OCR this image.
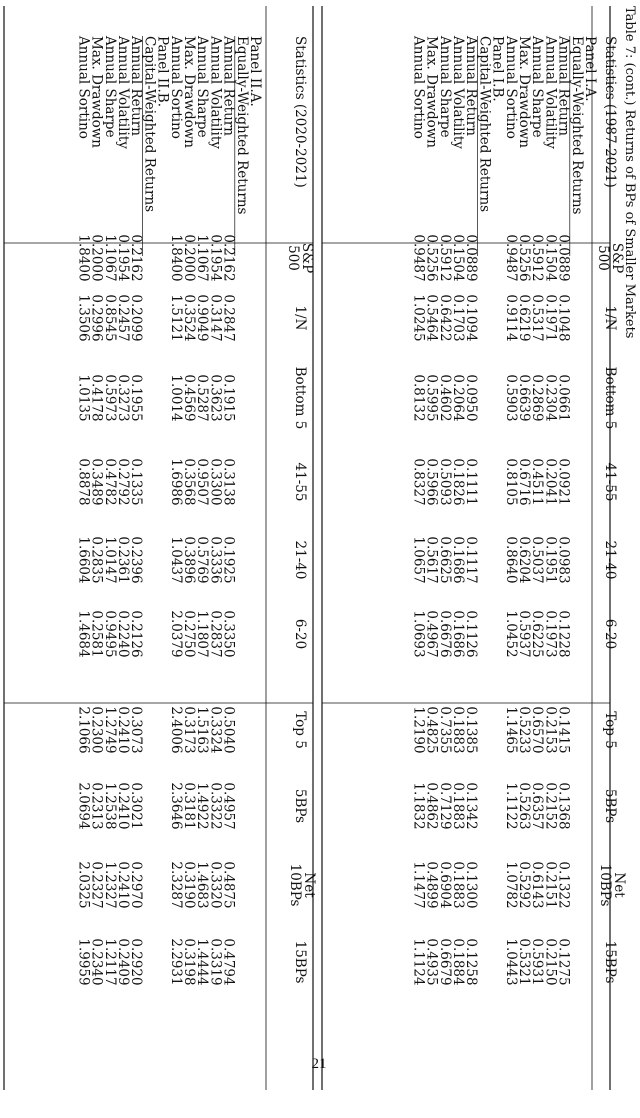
Table 7: (cont.) Returns of BPs of Smaller Markets
Statistics (1987-2021)
S&P
500
1/N
Bottom 5
41-55
21-40
6-20
Top 5
5BPs
10BPs
15BPs
Net
Panel I.A.
Equally-Weighted Returns
Annual Return
0.0889
0.1048
0.0661
0.0921
0.0983
0.1228
0.1415
0.1368
0.1322
0.1275
Annual Volatility
0.1504
0.1971
0.2304
0.2041
0.1951
0.1973
0.2153
0.2152
0.2151
0.2150
Annual Sharpe
0.5912
0.5317
0.2869
0.4511
0.5037
0.6225
0.6570
0.6357
0.6143
0.5931
Max. Drawdown
0.5256
0.6219
0.6639
0.6716
0.6204
0.5937
0.5233
0.5263
0.5292
0.5321
Annual Sortino
0.9487
0.9114
0.5903
0.8105
0.8640
1.0452
1.1465
1.1122
1.0782
1.0443
Panel I.B.
Capital-Weighted Returns
Annual Return
0.0889
0.1094
0.0950
0.1111
0.1117
0.1126
0.1385
0.1342
0.1300
0.1258
Annual Volatility
0.1504
0.1703
0.2064
0.1826
0.1686
0.1686
0.1883
0.1883
0.1883
0.1884
Annual Sharpe
0.5912
0.6422
0.4602
0.5093
0.6625
0.6676
0.7355
0.7129
0.6904
0.6679
Max. Drawdown
0.5256
0.5464
0.5995
0.5966
0.5617
0.4967
0.4825
0.4862
0.4899
0.4935
Annual Sortino
0.9487
1.0245
0.8132
0.8327
1.0657
1.0693
1.2190
1.1832
1.1477
1.1124
Statistics (2020-2021)
S&P
500
1/N
Bottom 5
41-55
21-40
6-20
Top 5
5BPs
10BPs
15BPs
Net
Panel II.A.
Equally-Weighted Returns
Annual Return
0.2162
0.2847
0.1915
0.3138
0.1925
0.3350
0.5040
0.4957
0.4875
0.4794
Annual Volatility
0.1954
0.3147
0.3623
0.3300
0.3336
0.2837
0.3324
0.3322
0.3320
0.3319
Annual Sharpe
1.1067
0.9049
0.5287
0.9507
0.5769
1.1807
1.5163
1.4922
1.4683
1.4444
Max. Drawdown
0.2000
0.3524
0.4569
0.3568
0.3896
0.2750
0.3173
0.3181
0.3190
0.3198
Annual Sortino
1.8400
1.5121
1.0014
1.6986
1.0437
2.0379
2.4006
2.3646
2.3287
2.2931
Panel II.B.
Capital-Weighted Returns
Annual Return
0.2162
0.2099
0.1955
0.1335
0.2396
0.2126
0.3073
0.3021
0.2970
0.2920
Annual Volatility
0.1954
0.2457
0.3273
0.2792
0.2361
0.2240
0.2410
0.2410
0.2410
0.2409
Annual Sharpe
1.1067
0.8545
0.5973
0.4782
1.0147
0.9495
1.2749
1.2538
1.2327
1.2117
Max. Drawdown
0.2000
0.2996
0.4178
0.3489
0.2835
0.2581
0.2300
0.2313
0.2327
0.2340
Annual Sortino
1.8400
1.3506
1.0135
0.8878
1.6604
1.4684
2.1066
2.0694
2.0325
1.9959
21
